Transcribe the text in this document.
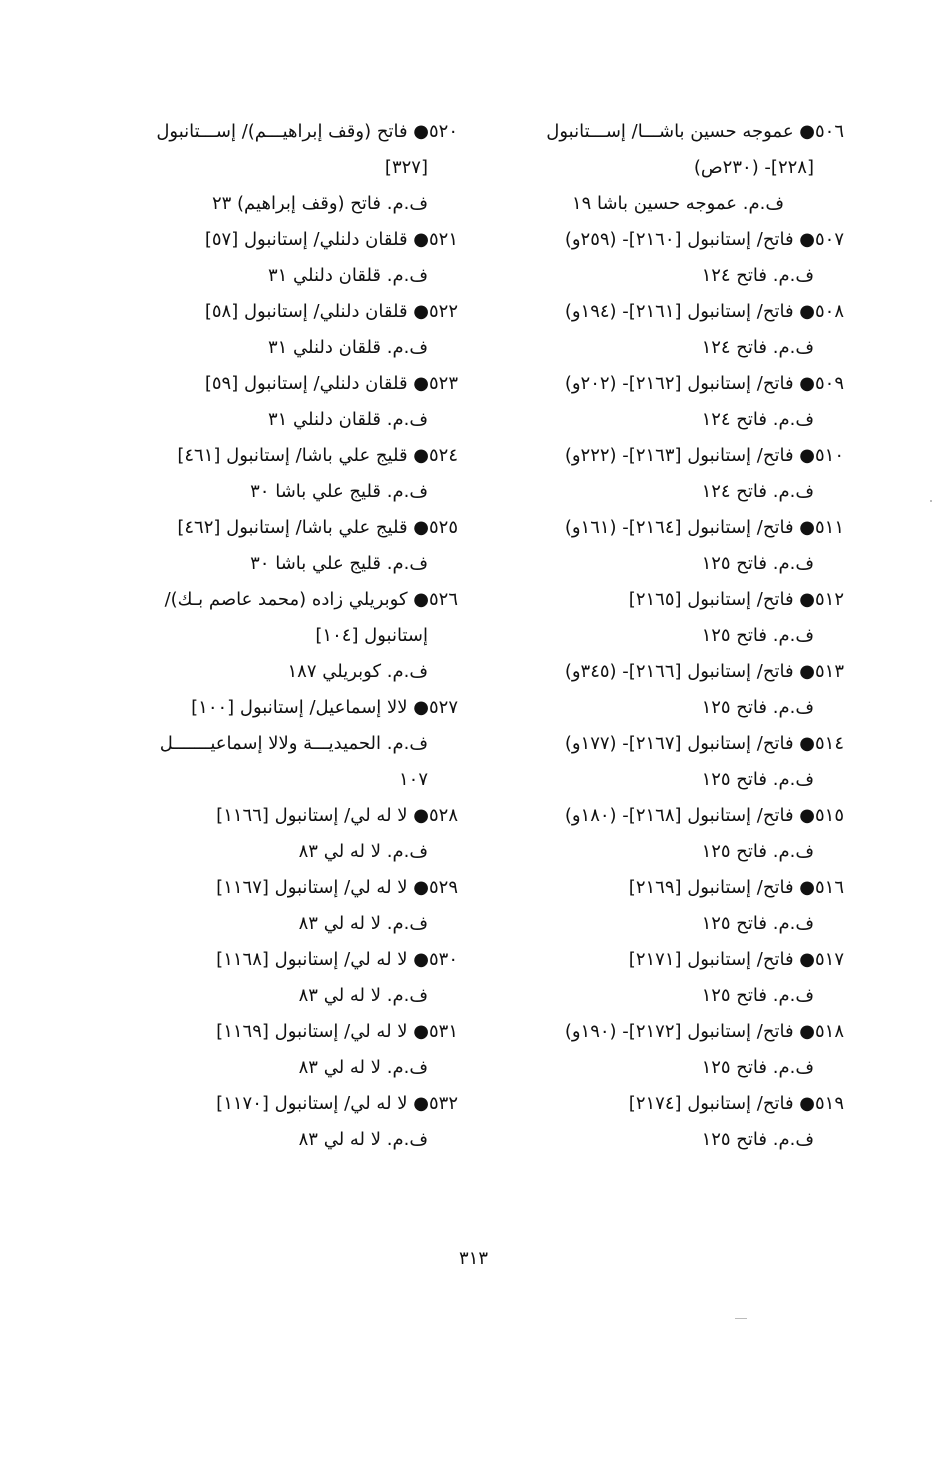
٥٠٦● عموجه حسين باشـــا/ إســـتانبول
[٢٢٨]- (٢٣٠ص)
ف.م. عموجه حسين باشا ١٩
٥٠٧● فاتح/ إستانبول [٢١٦٠]- (٢٥٩و)
ف.م. فاتح ١٢٤
٥٠٨● فاتح/ إستانبول [٢١٦١]- (١٩٤و)
ف.م. فاتح ١٢٤
٥٠٩● فاتح/ إستانبول [٢١٦٢]- (٢٠٢و)
ف.م. فاتح ١٢٤
٥١٠● فاتح/ إستانبول [٢١٦٣]- (٢٢٢و)
ف.م. فاتح ١٢٤
٥١١● فاتح/ إستانبول [٢١٦٤]- (١٦١و)
ف.م. فاتح ١٢٥
٥١٢● فاتح/ إستانبول [٢١٦٥]
ف.م. فاتح ١٢٥
٥١٣● فاتح/ إستانبول [٢١٦٦]- (٣٤٥و)
ف.م. فاتح ١٢٥
٥١٤● فاتح/ إستانبول [٢١٦٧]- (١٧٧و)
ف.م. فاتح ١٢٥
٥١٥● فاتح/ إستانبول [٢١٦٨]- (١٨٠و)
ف.م. فاتح ١٢٥
٥١٦● فاتح/ إستانبول [٢١٦٩]
ف.م. فاتح ١٢٥
٥١٧● فاتح/ إستانبول [٢١٧١]
ف.م. فاتح ١٢٥
٥١٨● فاتح/ إستانبول [٢١٧٢]- (١٩٠و)
ف.م. فاتح ١٢٥
٥١٩● فاتح/ إستانبول [٢١٧٤]
ف.م. فاتح ١٢٥
٥٢٠● فاتح (وقف إبراهيـــم)/ إســـتانبول
[٣٢٧]
ف.م. فاتح (وقف إبراهيم) ٢٣
٥٢١● قلقان دلنلي/ إستانبول [٥٧]
ف.م. قلقان دلنلي ٣١
٥٢٢● قلقان دلنلي/ إستانبول [٥٨]
ف.م. قلقان دلنلي ٣١
٥٢٣● قلقان دلنلي/ إستانبول [٥٩]
ف.م. قلقان دلنلي ٣١
٥٢٤● قليج علي باشا/ إستانبول [٤٦١]
ف.م. قليج علي باشا ٣٠
٥٢٥● قليج علي باشا/ إستانبول [٤٦٢]
ف.م. قليج علي باشا ٣٠
٥٢٦● كوبريلي زاده (محمد عاصم بـك)/
إستانبول [١٠٤]
ف.م. كوبريلي ١٨٧
٥٢٧● لالا إسماعيل/ إستانبول [١٠٠]
ف.م. الحميديـــة ولالا إسماعيـــــــل
١٠٧
٥٢٨● لا له لي/ إستانبول [١١٦٦]
ف.م. لا له لي ٨٣
٥٢٩● لا له لي/ إستانبول [١١٦٧]
ف.م. لا له لي ٨٣
٥٣٠● لا له لي/ إستانبول [١١٦٨]
ف.م. لا له لي ٨٣
٥٣١● لا له لي/ إستانبول [١١٦٩]
ف.م. لا له لي ٨٣
٥٣٢● لا له لي/ إستانبول [١١٧٠]
ف.م. لا له لي ٨٣
٣١٣
